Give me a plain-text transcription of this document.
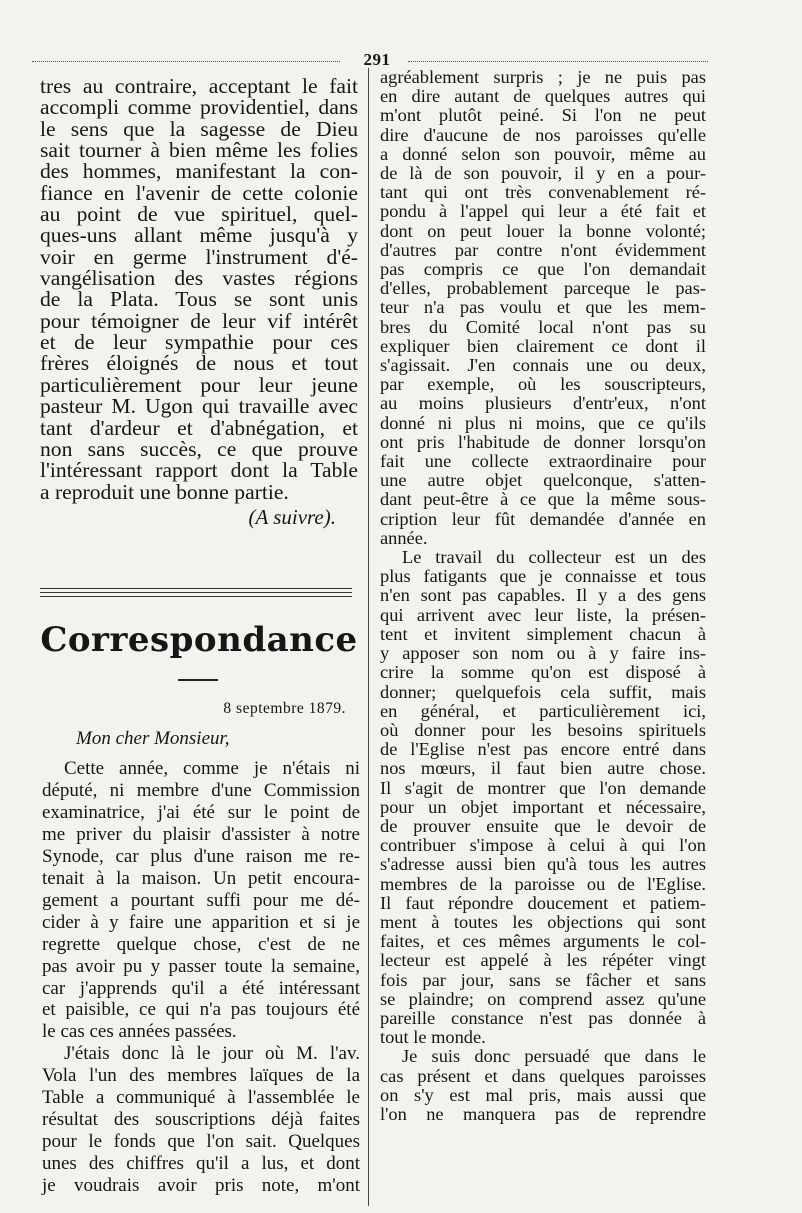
291
tres au contraire, acceptant le fait
accompli comme providentiel, dans
le sens que la sagesse de Dieu
sait tourner à bien même les folies
des hommes, manifestant la con-
fiance en l'avenir de cette colonie
au point de vue spirituel, quel-
ques-uns allant même jusqu'à y
voir en germe l'instrument d'é-
vangélisation des vastes régions
de la Plata. Tous se sont unis
pour témoigner de leur vif intérêt
et de leur sympathie pour ces
frères éloignés de nous et tout
particulièrement pour leur jeune
pasteur M. Ugon qui travaille avec
tant d'ardeur et d'abnégation, et
non sans succès, ce que prouve
l'intéressant rapport dont la Table
a reproduit une bonne partie.
(A suivre).
Correspondance
8 septembre 1879.
Mon cher Monsieur,
Cette année, comme je n'étais ni
député, ni membre d'une Commission
examinatrice, j'ai été sur le point de
me priver du plaisir d'assister à notre
Synode, car plus d'une raison me re-
tenait à la maison. Un petit encoura-
gement a pourtant suffi pour me dé-
cider à y faire une apparition et si je
regrette quelque chose, c'est de ne
pas avoir pu y passer toute la semaine,
car j'apprends qu'il a été intéressant
et paisible, ce qui n'a pas toujours été
le cas ces années passées.
J'étais donc là le jour où M. l'av.
Vola l'un des membres laïques de la
Table a communiqué à l'assemblée le
résultat des souscriptions déjà faites
pour le fonds que l'on sait. Quelques
unes des chiffres qu'il a lus, et dont
je voudrais avoir pris note, m'ont
agréablement surpris ; je ne puis pas
en dire autant de quelques autres qui
m'ont plutôt peiné. Si l'on ne peut
dire d'aucune de nos paroisses qu'elle
a donné selon son pouvoir, même au
de là de son pouvoir, il y en a pour-
tant qui ont très convenablement ré-
pondu à l'appel qui leur a été fait et
dont on peut louer la bonne volonté;
d'autres par contre n'ont évidemment
pas compris ce que l'on demandait
d'elles, probablement parceque le pas-
teur n'a pas voulu et que les mem-
bres du Comité local n'ont pas su
expliquer bien clairement ce dont il
s'agissait. J'en connais une ou deux,
par exemple, où les souscripteurs,
au moins plusieurs d'entr'eux, n'ont
donné ni plus ni moins, que ce qu'ils
ont pris l'habitude de donner lorsqu'on
fait une collecte extraordinaire pour
une autre objet quelconque, s'atten-
dant peut-être à ce que la même sous-
cription leur fût demandée d'année en
année.
Le travail du collecteur est un des
plus fatigants que je connaisse et tous
n'en sont pas capables. Il y a des gens
qui arrivent avec leur liste, la présen-
tent et invitent simplement chacun à
y apposer son nom ou à y faire ins-
crire la somme qu'on est disposé à
donner; quelquefois cela suffit, mais
en général, et particulièrement ici,
où donner pour les besoins spirituels
de l'Eglise n'est pas encore entré dans
nos mœurs, il faut bien autre chose.
Il s'agit de montrer que l'on demande
pour un objet important et nécessaire,
de prouver ensuite que le devoir de
contribuer s'impose à celui à qui l'on
s'adresse aussi bien qu'à tous les autres
membres de la paroisse ou de l'Eglise.
Il faut répondre doucement et patiem-
ment à toutes les objections qui sont
faites, et ces mêmes arguments le col-
lecteur est appelé à les répéter vingt
fois par jour, sans se fâcher et sans
se plaindre; on comprend assez qu'une
pareille constance n'est pas donnée à
tout le monde.
Je suis donc persuadé que dans le
cas présent et dans quelques paroisses
on s'y est mal pris, mais aussi que
l'on ne manquera pas de reprendre
